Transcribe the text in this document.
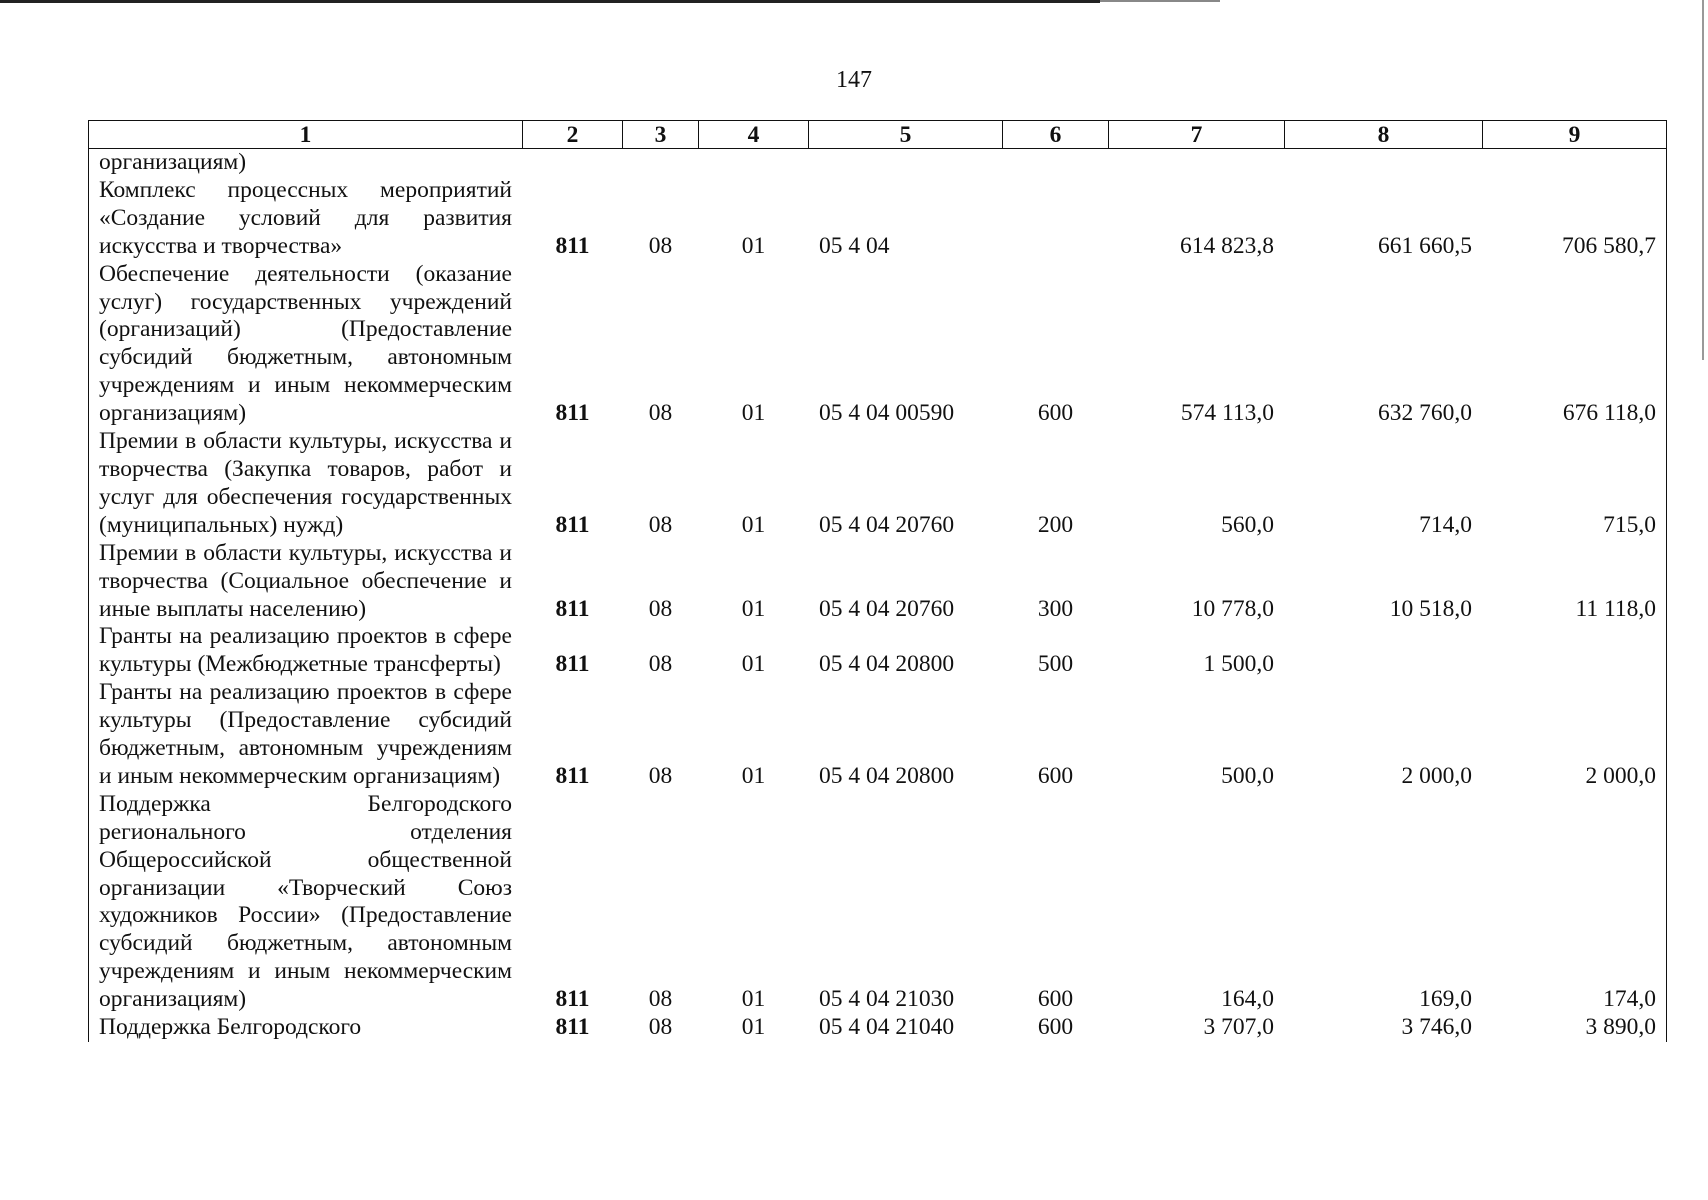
147
1	2	3	4	5	6	7	8	9
организациям)								
Комплекс процессных мероприятий «Создание условий для развития искусства и творчества»	811	08	01	05 4 04		614 823,8	661 660,5	706 580,7
Обеспечение деятельности (оказание услуг) государственных учреждений (организаций) (Предоставление субсидий бюджетным, автономным учреждениям и иным некоммерческим организациям)	811	08	01	05 4 04 00590	600	574 113,0	632 760,0	676 118,0
Премии в области культуры, искусства и творчества (Закупка товаров, работ и услуг для обеспечения государственных (муниципальных) нужд)	811	08	01	05 4 04 20760	200	560,0	714,0	715,0
Премии в области культуры, искусства и творчества (Социальное обеспечение и иные выплаты населению)	811	08	01	05 4 04 20760	300	10 778,0	10 518,0	11 118,0
Гранты на реализацию проектов в сфере культуры (Межбюджетные трансферты)	811	08	01	05 4 04 20800	500	1 500,0		
Гранты на реализацию проектов в сфере культуры (Предоставление субсидий бюджетным, автономным учреждениям и иным некоммерческим организациям)	811	08	01	05 4 04 20800	600	500,0	2 000,0	2 000,0
Поддержка Белгородского регионального отделения Общероссийской общественной организации «Творческий Союз художников России» (Предоставление субсидий бюджетным, автономным учреждениям и иным некоммерческим организациям)	811	08	01	05 4 04 21030	600	164,0	169,0	174,0
Поддержка Белгородского	811	08	01	05 4 04 21040	600	3 707,0	3 746,0	3 890,0
